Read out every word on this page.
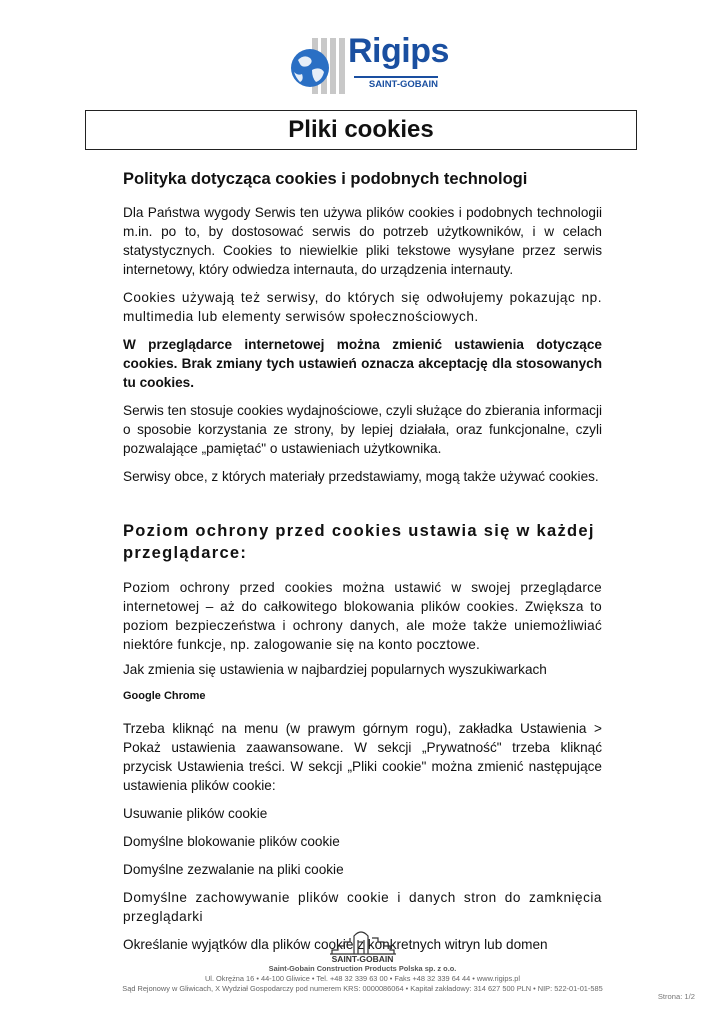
Rigips
SAINT-GOBAIN
Pliki cookies
Polityka dotycząca cookies i podobnych technologi

Dla Państwa wygody Serwis ten używa plików cookies i podobnych technologii m.in. po to, by dostosować serwis do potrzeb użytkowników, i w celach statystycznych. Cookies to niewielkie pliki tekstowe wysyłane przez serwis internetowy, który odwiedza internauta, do urządzenia internauty.

Cookies używają też serwisy, do których się odwołujemy pokazując np. multimedia lub elementy serwisów społecznościowych.

W przeglądarce internetowej można zmienić ustawienia dotyczące cookies. Brak zmiany tych ustawień oznacza akceptację dla stosowanych tu cookies.

Serwis ten stosuje cookies wydajnościowe, czyli służące do zbierania informacji o sposobie korzystania ze strony, by lepiej działała, oraz funkcjonalne, czyli pozwalające „pamiętać" o ustawieniach użytkownika.

Serwisy obce, z których materiały przedstawiamy, mogą także używać cookies.

Poziom ochrony przed cookies ustawia się w każdej przeglądarce:

Poziom ochrony przed cookies można ustawić w swojej przeglądarce internetowej – aż do całkowitego blokowania plików cookies. Zwiększa to poziom bezpieczeństwa i ochrony danych, ale może także uniemożliwiać niektóre funkcje, np. zalogowanie się na konto pocztowe.

Jak zmienia się ustawienia w najbardziej popularnych wyszukiwarkach

Google Chrome

Trzeba kliknąć na menu (w prawym górnym rogu), zakładka Ustawienia > Pokaż ustawienia zaawansowane. W sekcji „Prywatność" trzeba kliknąć przycisk Ustawienia treści. W sekcji „Pliki cookie" można zmienić następujące ustawienia plików cookie:

Usuwanie plików cookie

Domyślne blokowanie plików cookie

Domyślne zezwalanie na pliki cookie

Domyślne zachowywanie plików cookie i danych stron do zamknięcia przeglądarki

Określanie wyjątków dla plików cookie z konkretnych witryn lub domen

SAINT-GOBAIN
Saint-Gobain Construction Products Polska sp. z o.o.
Ul. Okrężna 16 • 44-100 Gliwice • Tel. +48 32 339 63 00 • Faks +48 32 339 64 44 • www.rigips.pl
Sąd Rejonowy w Gliwicach, X Wydział Gospodarczy pod numerem KRS: 0000086064 • Kapitał zakładowy: 314 627 500 PLN • NIP: 522-01-01-585
Strona: 1/2
